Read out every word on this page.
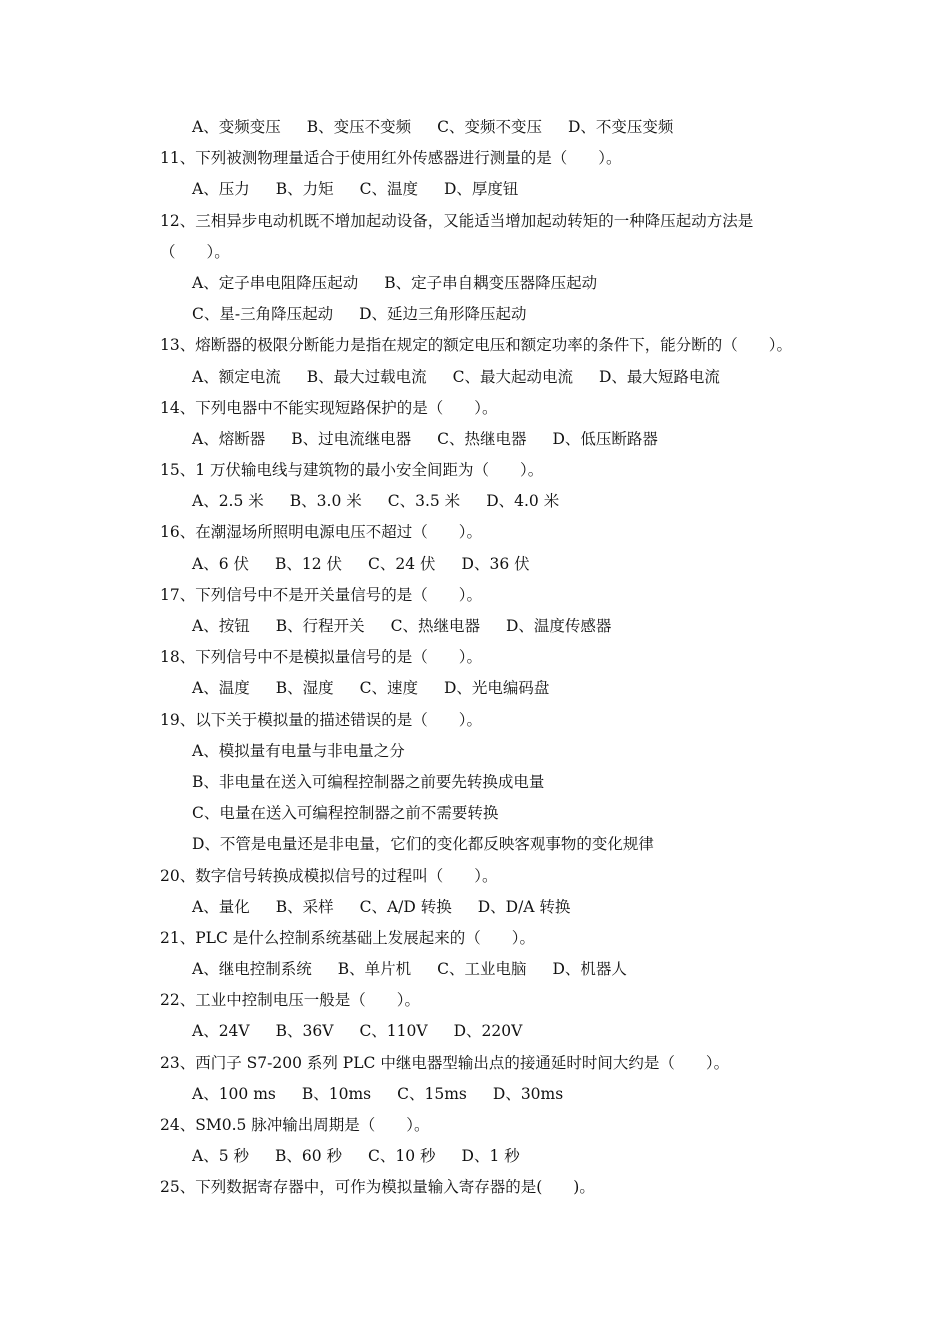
A、变频变压 B、变压不变频 C、变频不变压 D、不变压变频
11、下列被测物理量适合于使用红外传感器进行测量的是（　　）。
A、压力 B、力矩 C、温度 D、厚度钮
12、三相异步电动机既不增加起动设备，又能适当增加起动转矩的一种降压起动方法是
（　　）。
A、定子串电阻降压起动 B、定子串自耦变压器降压起动
C、星-三角降压起动 D、延边三角形降压起动
13、熔断器的极限分断能力是指在规定的额定电压和额定功率的条件下，能分断的（　　）。
A、额定电流 B、最大过载电流 C、最大起动电流 D、最大短路电流
14、下列电器中不能实现短路保护的是（　　）。
A、熔断器 B、过电流继电器 C、热继电器 D、低压断路器
15、1 万伏输电线与建筑物的最小安全间距为（　　）。
A、2.5 米 B、3.0 米 C、3.5 米 D、4.0 米
16、在潮湿场所照明电源电压不超过（　　）。
A、6 伏 B、12 伏 C、24 伏 D、36 伏
17、下列信号中不是开关量信号的是（　　）。
A、按钮 B、行程开关 C、热继电器 D、温度传感器
18、下列信号中不是模拟量信号的是（　　）。
A、温度 B、湿度 C、速度 D、光电编码盘
19、以下关于模拟量的描述错误的是（　　）。
A、模拟量有电量与非电量之分
B、非电量在送入可编程控制器之前要先转换成电量
C、电量在送入可编程控制器之前不需要转换
D、不管是电量还是非电量，它们的变化都反映客观事物的变化规律
20、数字信号转换成模拟信号的过程叫（　　）。
A、量化 B、采样 C、A/D 转换 D、D/A 转换
21、PLC 是什么控制系统基础上发展起来的（　　）。
A、继电控制系统 B、单片机 C、工业电脑 D、机器人
22、工业中控制电压一般是（　　）。
A、24V B、36V C、110V D、220V
23、西门子 S7-200 系列 PLC 中继电器型输出点的接通延时时间大约是（　　）。
A、100 ms B、10ms C、15ms D、30ms
24、SM0.5 脉冲输出周期是（　　）。
A、5 秒 B、60 秒 C、10 秒 D、1 秒
25、下列数据寄存器中，可作为模拟量输入寄存器的是(　　)。
